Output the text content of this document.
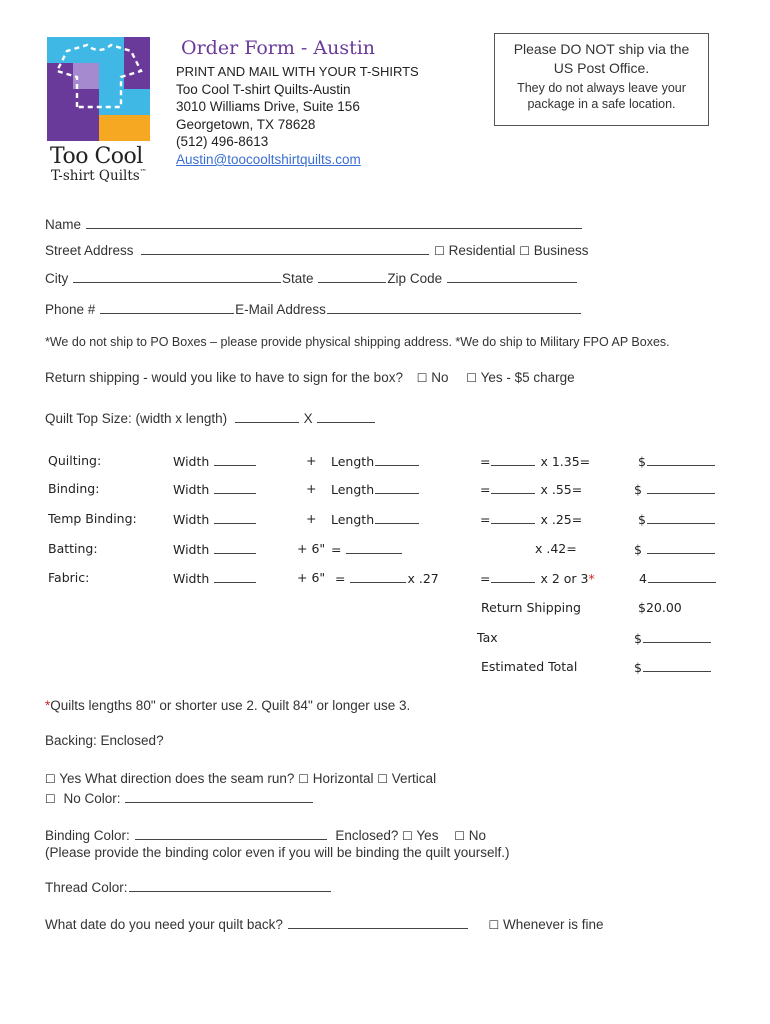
Too Cool
T-shirt Quilts™
Order Form - Austin
PRINT AND MAIL WITH YOUR T-SHIRTS
Too Cool T-shirt Quilts-Austin
3010 Williams Drive, Suite 156
Georgetown, TX 78628
(512) 496-8613
Austin@toocooltshirtquilts.com
Please DO NOT ship via the
US Post Office.
They do not always leave your
package in a safe location.
Name
Street Address	☐ Residential ☐ Business
City	State	Zip Code
Phone #	E-Mail Address
*We do not ship to PO Boxes – please provide physical shipping address. *We do ship to Military FPO AP Boxes.
Return shipping - would you like to have to sign for the box? ☐ No ☐ Yes - $5 charge
Quilt Top Size: (width x length)	X
Quilting:	Width	+ Length	=	x 1.35=	$
Binding:	Width	+ Length	=	x .55=	$
Temp Binding:	Width	+ Length	=	x .25=	$
Batting:	Width	+ 6" =	x .42=	$
Fabric:	Width	+ 6" =	x .27	=	x 2 or 3*	4
Return Shipping	$20.00
Tax	$
Estimated Total	$
*Quilts lengths 80" or shorter use 2. Quilt 84" or longer use 3.
Backing: Enclosed?
☐ Yes What direction does the seam run? ☐ Horizontal ☐ Vertical
☐ No Color:
Binding Color:	Enclosed? ☐ Yes ☐ No
(Please provide the binding color even if you will be binding the quilt yourself.)
Thread Color:
What date do you need your quilt back?	☐ Whenever is fine
